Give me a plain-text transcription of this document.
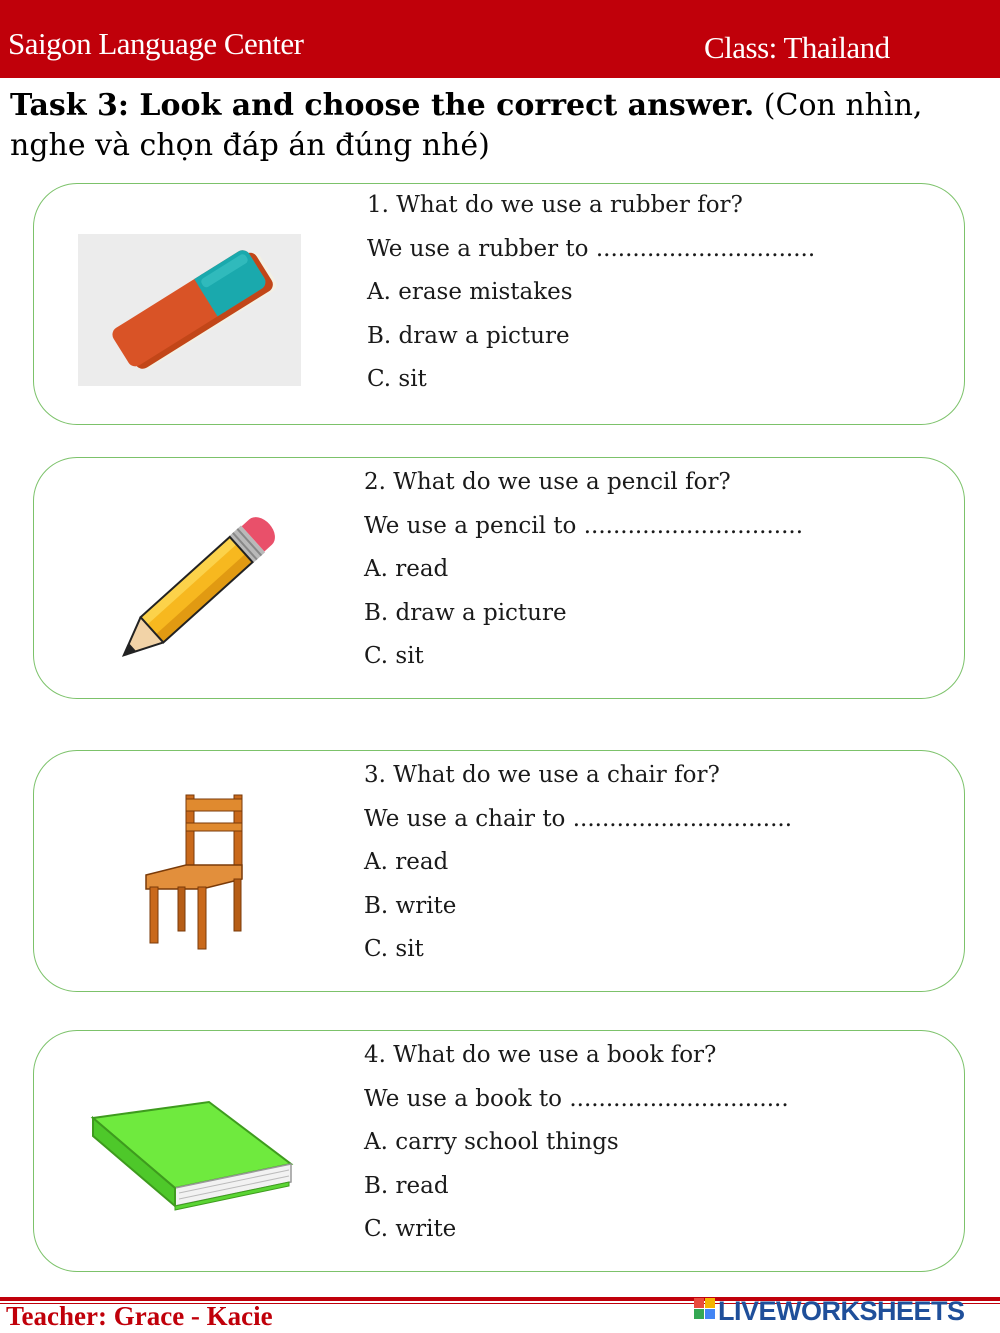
Saigon Language Center	Class: Thailand
Task 3: Look and choose the correct answer. (Con nhìn, nghe và chọn đáp án đúng nhé)
1. What do we use a rubber for?
We use a rubber to ..............................
A. erase mistakes
B. draw a picture
C. sit
2. What do we use a pencil for?
We use a pencil to ..............................
A. read
B. draw a picture
C. sit
3. What do we use a chair for?
We use a chair to ..............................
A. read
B. write
C. sit
4. What do we use a book for?
We use a book to ..............................
A. carry school things
B. read
C. write
Teacher: Grace - Kacie	LIVEWORKSHEETS
